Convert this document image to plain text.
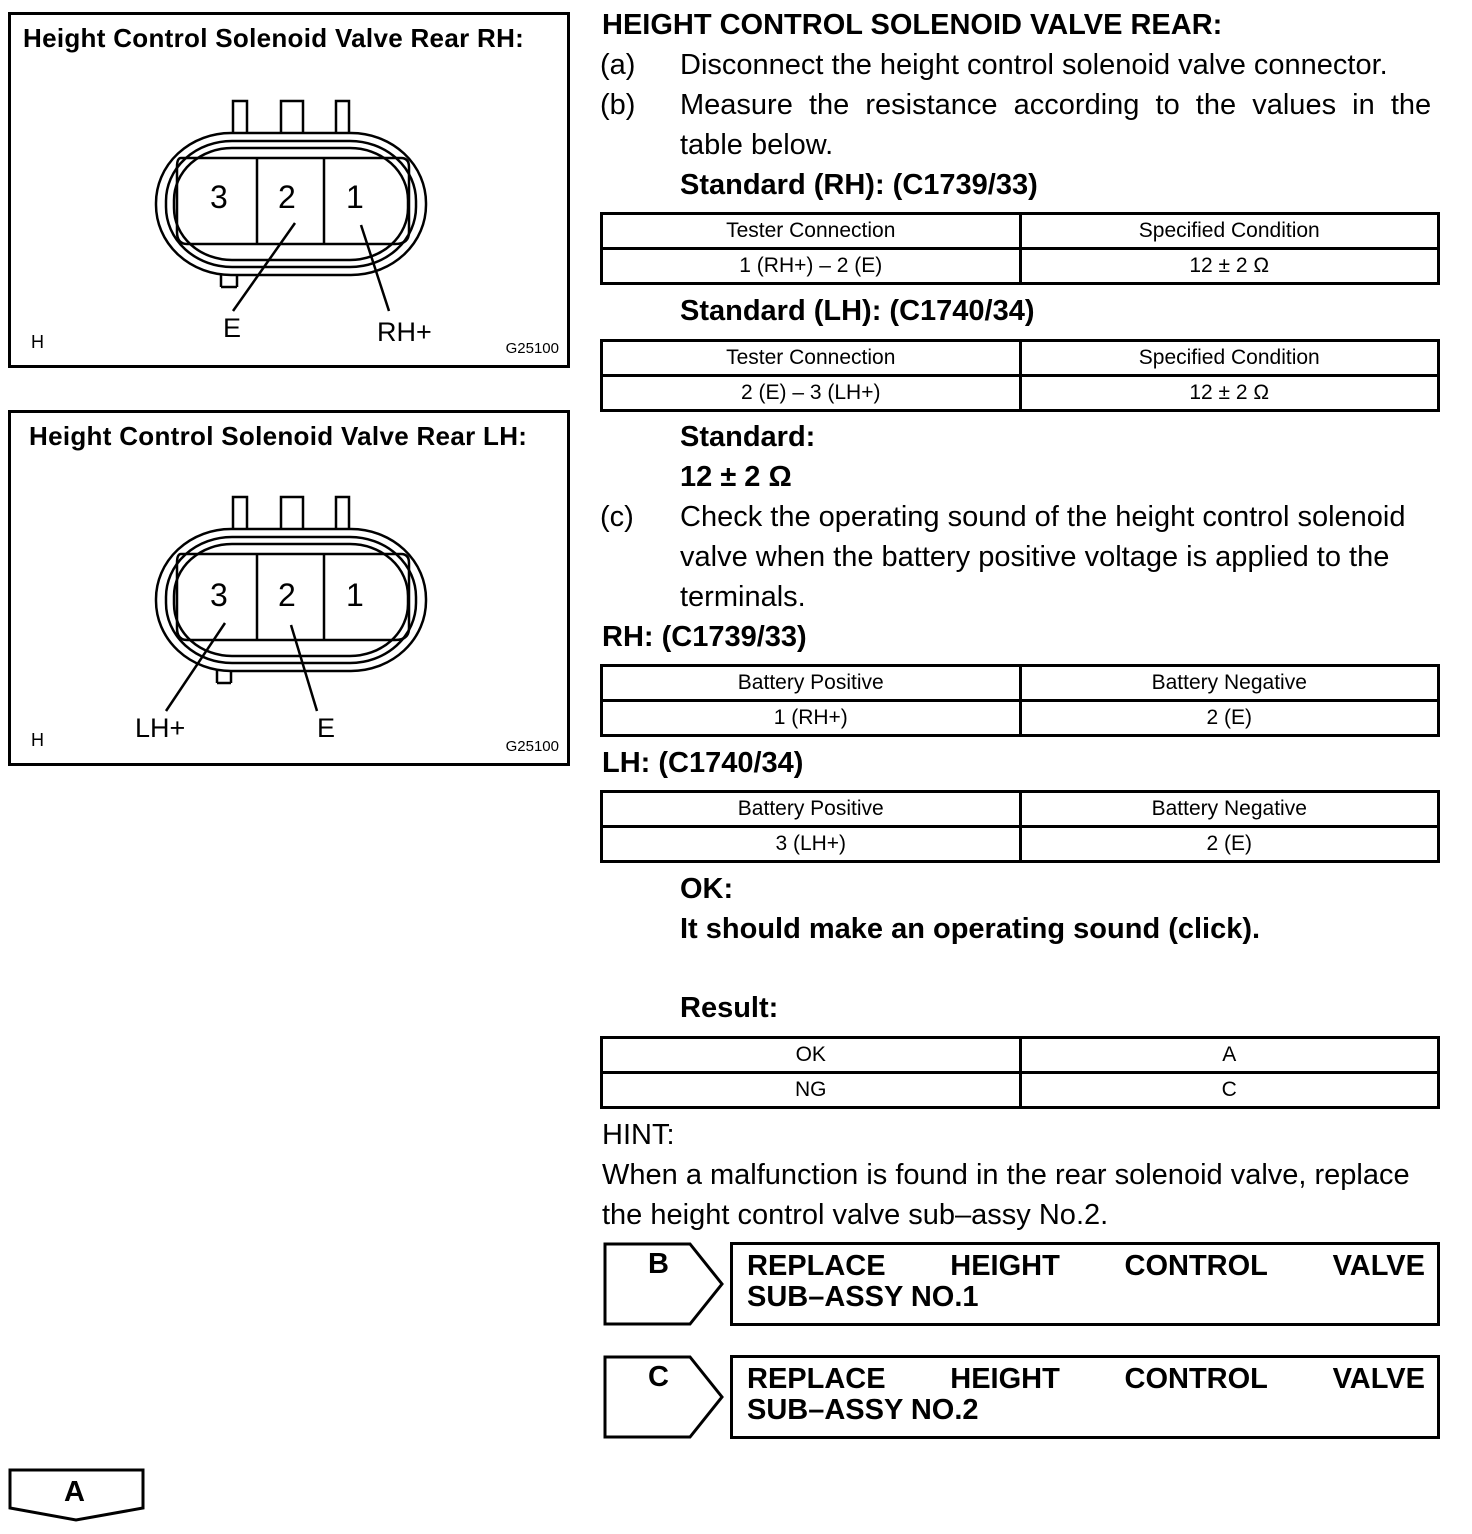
Height Control Solenoid Valve Rear RH:
3 2 1
E	RH+
H	G25100
Height Control Solenoid Valve Rear LH:
3 2 1
LH+	E
H	G25100
HEIGHT CONTROL SOLENOID VALVE REAR:
(a) Disconnect the height control solenoid valve connector.
(b) Measure  the  resistance  according  to  the  values  in  the
table below.
Standard (RH): (C1739/33)
Tester Connection	Specified Condition
1 (RH+) – 2 (E)	12 ± 2 Ω
Standard (LH): (C1740/34)
Tester Connection	Specified Condition
2 (E) – 3 (LH+)	12 ± 2 Ω
Standard:
12 ± 2 Ω
(c) Check the operating sound of the height control solenoid
valve when the battery positive voltage is applied to the
terminals.
RH: (C1739/33)
Battery Positive	Battery Negative
1 (RH+)	2 (E)
LH: (C1740/34)
Battery Positive	Battery Negative
3 (LH+)	2 (E)
OK:
It should make an operating sound (click).
Result:
OK	A
NG	C
HINT:
When a malfunction is found in the rear solenoid valve, replace
the height control valve sub–assy No.2.
B	REPLACE HEIGHT CONTROL VALVE
SUB–ASSY NO.1
C	REPLACE HEIGHT CONTROL VALVE
SUB–ASSY NO.2
A
